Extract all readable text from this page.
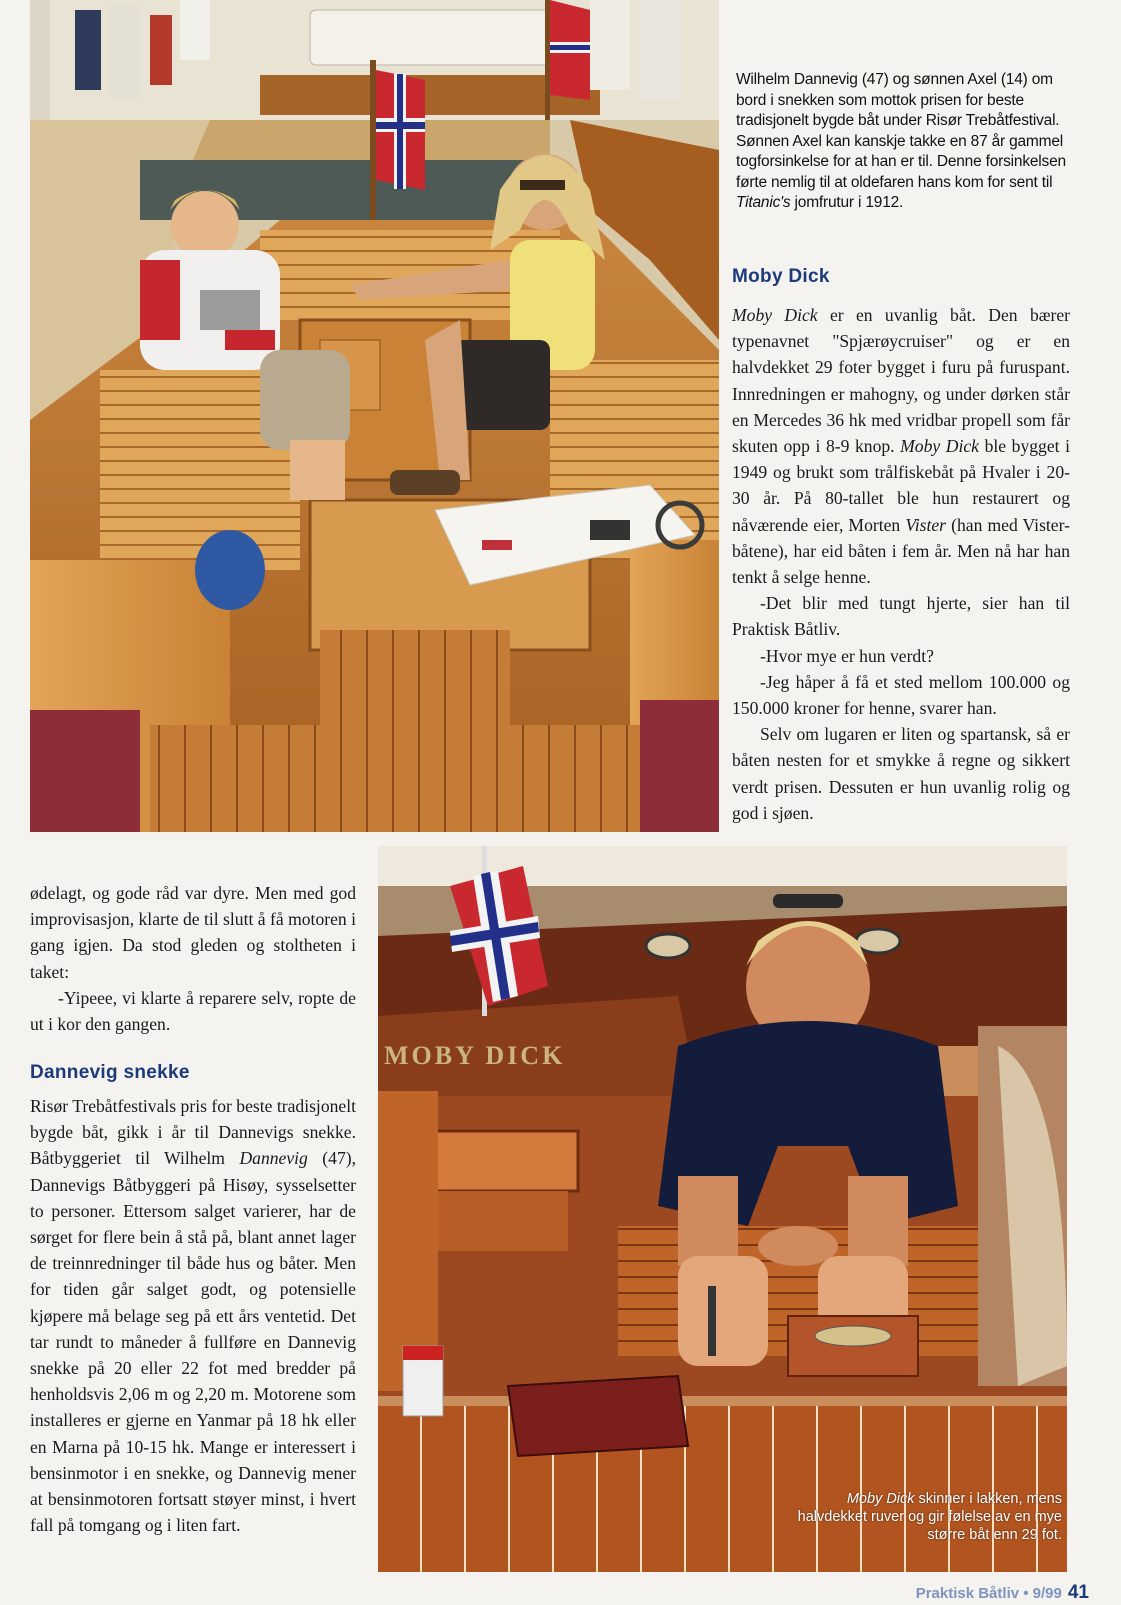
Wilhelm Dannevig (47) og sønnen Axel (14) om bord i snekken som mottok prisen for beste tradisjonelt bygde båt under Risør Trebåtfestival. Sønnen Axel kan kanskje takke en 87 år gammel togforsinkelse for at han er til. Denne forsinkelsen førte nemlig til at oldefaren hans kom for sent til Titanic's jomfrutur i 1912.
Moby Dick

Moby Dick er en uvanlig båt. Den bærer typenavnet "Spjærøycruiser" og er en halvdekket 29 foter bygget i furu på furuspant. Innredningen er mahogny, og under dørken står en Mercedes 36 hk med vridbar propell som får skuten opp i 8-9 knop. Moby Dick ble bygget i 1949 og brukt som trålfiskebåt på Hvaler i 20-30 år. På 80-tallet ble hun restaurert og nåværende eier, Morten Vister (han med Vister-båtene), har eid båten i fem år. Men nå har han tenkt å selge henne.

-Det blir med tungt hjerte, sier han til Praktisk Båtliv.

-Hvor mye er hun verdt?

-Jeg håper å få et sted mellom 100.000 og 150.000 kroner for henne, svarer han.

Selv om lugaren er liten og spartansk, så er båten nesten for et smykke å regne og sikkert verdt prisen. Dessuten er hun uvanlig rolig og god i sjøen.

ødelagt, og gode råd var dyre. Men med god improvisasjon, klarte de til slutt å få motoren i gang igjen. Da stod gleden og stoltheten i taket:

-Yipeee, vi klarte å reparere selv, ropte de ut i kor den gangen.

Dannevig snekke

Risør Trebåtfestivals pris for beste tradisjonelt bygde båt, gikk i år til Dannevigs snekke. Båtbyggeriet til Wilhelm Dannevig (47), Dannevigs Båtbyggeri på Hisøy, sysselsetter to personer. Ettersom salget varierer, har de sørget for flere bein å stå på, blant annet lager de treinnredninger til både hus og båter. Men for tiden går salget godt, og potensielle kjøpere må belage seg på ett års ventetid. Det tar rundt to måneder å fullføre en Dannevig snekke på 20 eller 22 fot med bredder på henholdsvis 2,06 m og 2,20 m. Motorene som installeres er gjerne en Yanmar på 18 hk eller en Marna på 10-15 hk. Mange er interessert i bensinmotor i en snekke, og Dannevig mener at bensinmotoren fortsatt støyer minst, i hvert fall på tomgang og i liten fart.

MOBY DICK
Moby Dick skinner i lakken, mens halvdekket ruver og gir følelse av en mye større båt enn 29 fot.
Praktisk Båtliv • 9/99 41
